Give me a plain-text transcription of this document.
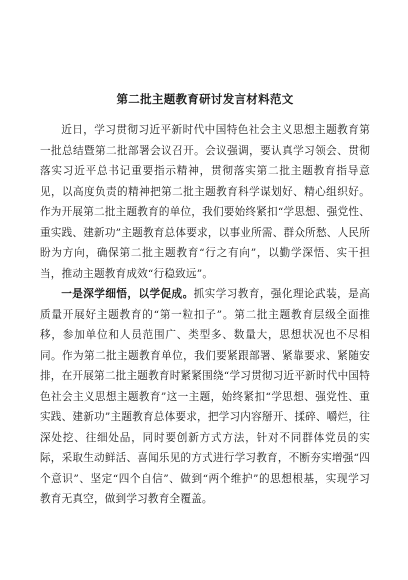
第二批主题教育研讨发言材料范文

近日，学习贯彻习近平新时代中国特色社会主义思想主题教育第一批总结暨第二批部署会议召开。会议强调，要认真学习领会、贯彻落实习近平总书记重要指示精神，贯彻落实第二批主题教育指导意见，以高度负责的精神把第二批主题教育科学谋划好、精心组织好。作为开展第二批主题教育的单位，我们要始终紧扣“学思想、强党性、重实践、建新功”主题教育总体要求，以事业所需、群众所愁、人民所盼为方向，确保第二批主题教育“行之有向”，以勤学深悟、实干担当，推动主题教育成效“行稳致远”。

一是深学细悟，以学促成。抓实学习教育，强化理论武装，是高质量开展好主题教育的“第一粒扣子”。第二批主题教育层级全面推移，参加单位和人员范围广、类型多、数量大，思想状况也不尽相同。作为第二批主题教育单位，我们要紧跟部署、紧靠要求、紧随安排，在开展第二批主题教育时紧紧围绕“学习贯彻习近平新时代中国特色社会主义思想主题教育”这一主题，始终紧扣“学思想、强党性、重实践、建新功”主题教育总体要求，把学习内容掰开、揉碎、嚼烂，往深处挖、往细处品，同时要创新方式方法，针对不同群体党员的实际，采取生动鲜活、喜闻乐见的方式进行学习教育，不断夯实增强“四个意识”、坚定“四个自信”、做到“两个维护”的思想根基，实现学习教育无真空，做到学习教育全覆盖。
